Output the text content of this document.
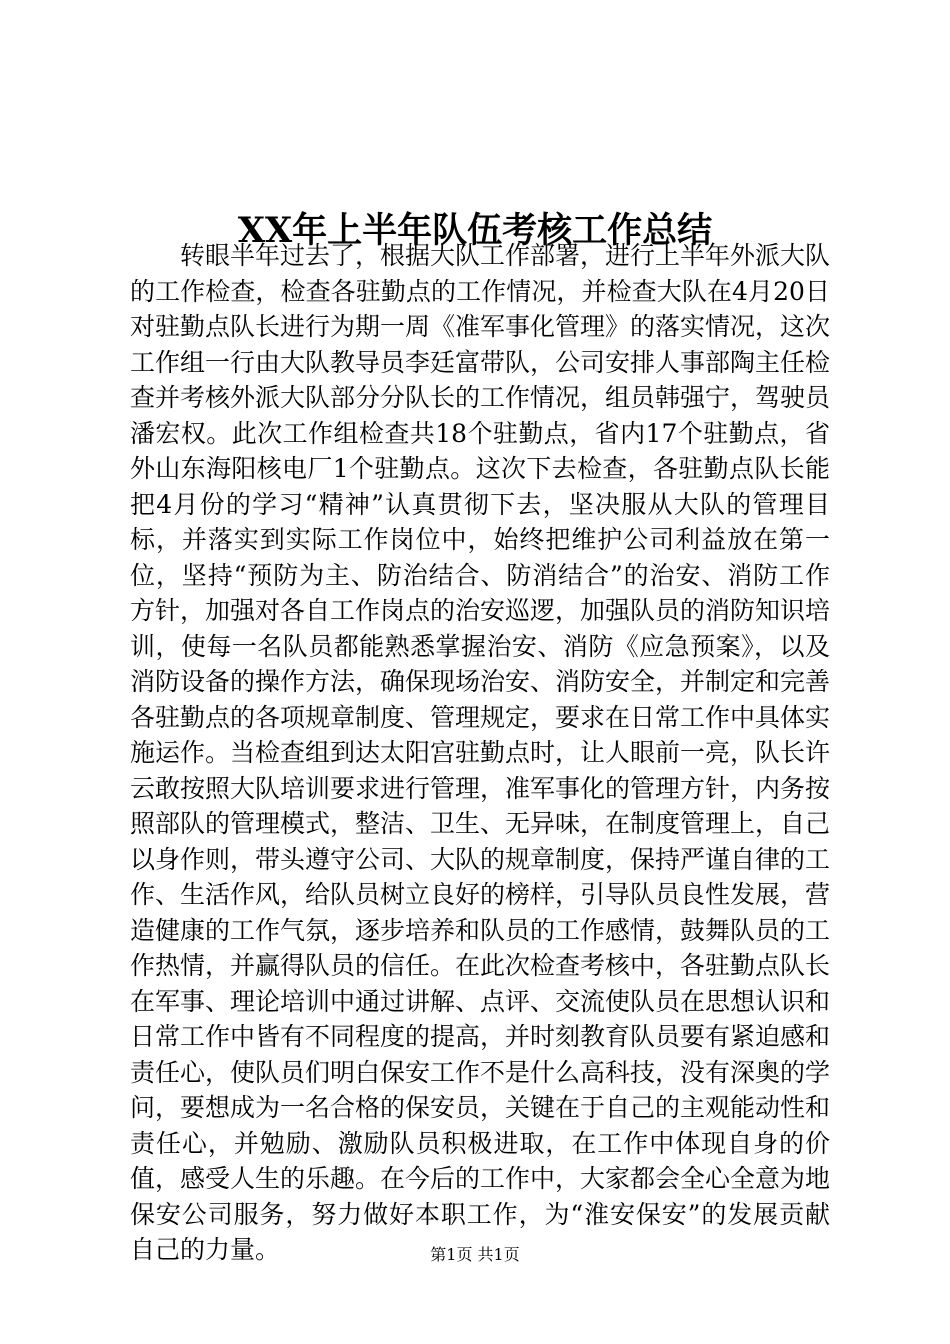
XX年上半年队伍考核工作总结

转眼半年过去了，根据大队工作部署，进行上半年外派大队的工作检查，检查各驻勤点的工作情况，并检查大队在4月20日对驻勤点队长进行为期一周《准军事化管理》的落实情况，这次工作组一行由大队教导员李廷富带队，公司安排人事部陶主任检查并考核外派大队部分分队长的工作情况，组员韩强宁，驾驶员潘宏权。此次工作组检查共18个驻勤点，省内17个驻勤点，省外山东海阳核电厂1个驻勤点。这次下去检查，各驻勤点队长能把4月份的学习“精神”认真贯彻下去，坚决服从大队的管理目标，并落实到实际工作岗位中，始终把维护公司利益放在第一位，坚持“预防为主、防治结合、防消结合”的治安、消防工作方针，加强对各自工作岗点的治安巡逻，加强队员的消防知识培训，使每一名队员都能熟悉掌握治安、消防《应急预案》，以及消防设备的操作方法，确保现场治安、消防安全，并制定和完善各驻勤点的各项规章制度、管理规定，要求在日常工作中具体实施运作。当检查组到达太阳宫驻勤点时，让人眼前一亮，队长许云敢按照大队培训要求进行管理，准军事化的管理方针，内务按照部队的管理模式，整洁、卫生、无异味，在制度管理上，自己以身作则，带头遵守公司、大队的规章制度，保持严谨自律的工作、生活作风，给队员树立良好的榜样，引导队员良性发展，营造健康的工作气氛，逐步培养和队员的工作感情，鼓舞队员的工作热情，并赢得队员的信任。在此次检查考核中，各驻勤点队长在军事、理论培训中通过讲解、点评、交流使队员在思想认识和日常工作中皆有不同程度的提高，并时刻教育队员要有紧迫感和责任心，使队员们明白保安工作不是什么高科技，没有深奥的学问，要想成为一名合格的保安员，关键在于自己的主观能动性和责任心，并勉励、激励队员积极进取，在工作中体现自身的价值，感受人生的乐趣。在今后的工作中，大家都会全心全意为地保安公司服务，努力做好本职工作，为“淮安保安”的发展贡献自己的力量。	第1页 共1页
